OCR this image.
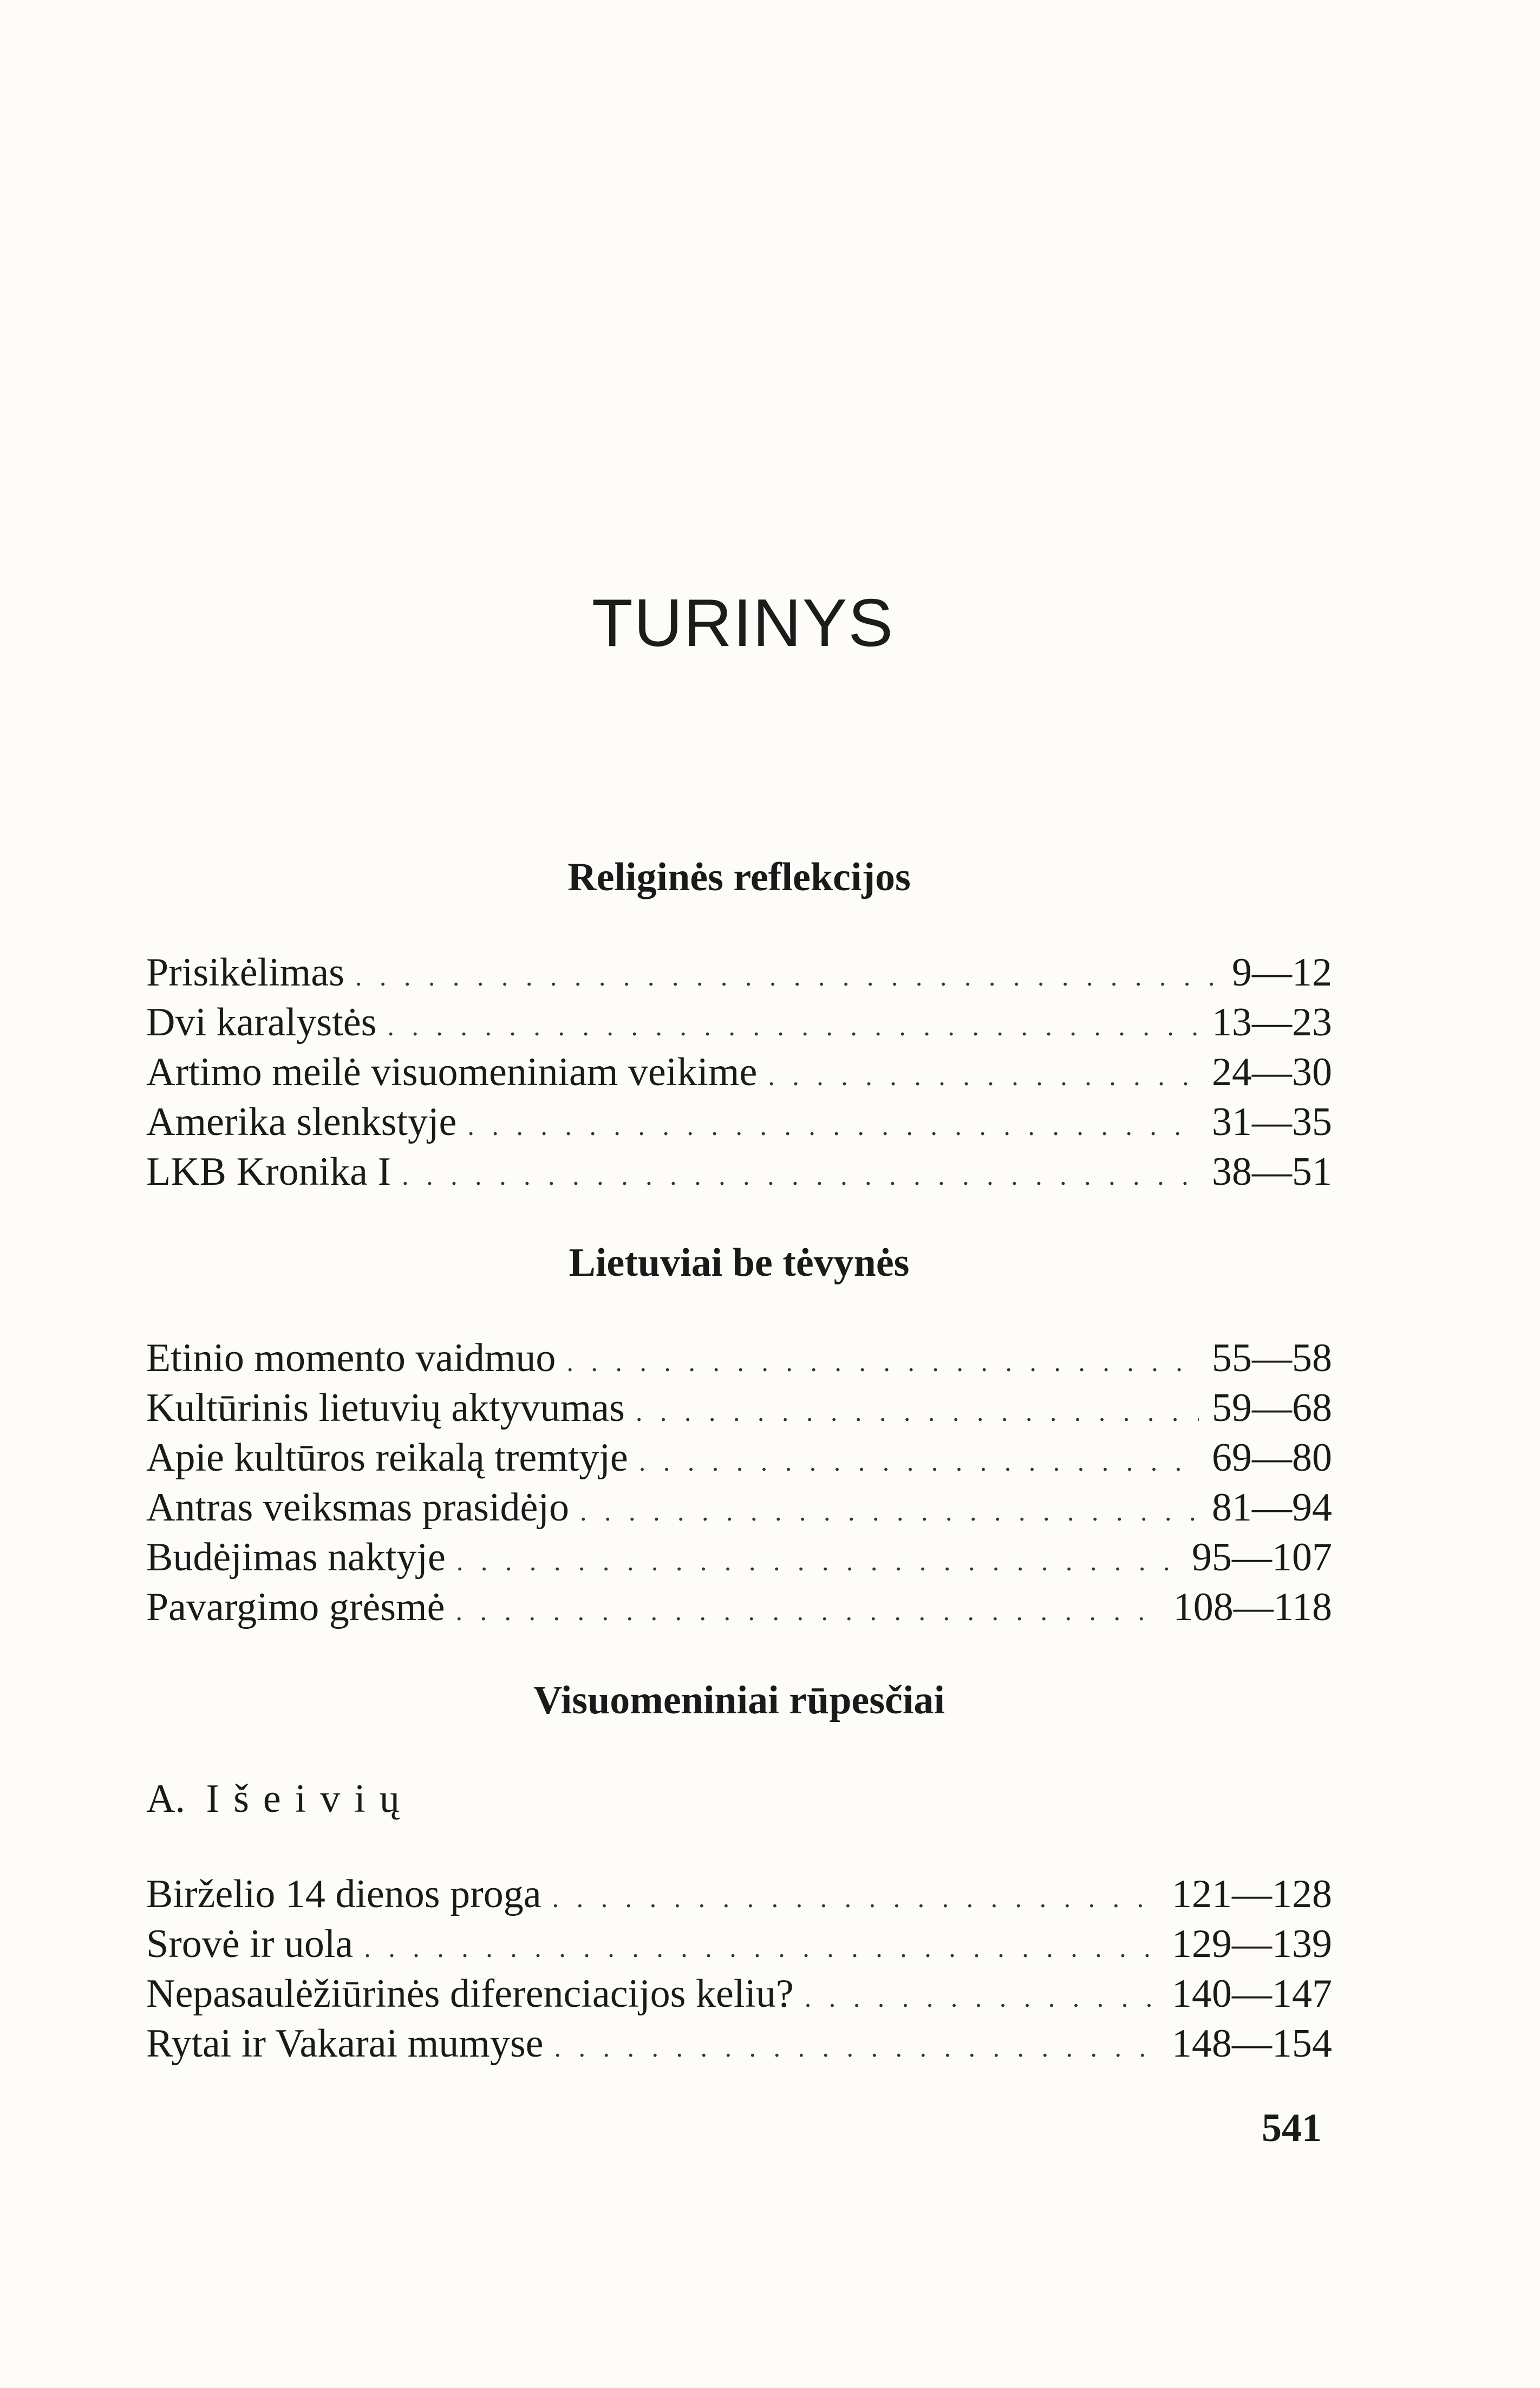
TURINYS
Religinės reflekcijos
Prisikėlimas . . .	9—12
Dvi karalystės . . .	13—23
Artimo meilė visuomeniniam veikime . . .	24—30
Amerika slenkstyje . . .	31—35
LKB Kronika I . . .	38—51
Lietuviai be tėvynės
Etinio momento vaidmuo . . .	55—58
Kultūrinis lietuvių aktyvumas . . .	59—68
Apie kultūros reikalą tremtyje . . .	69—80
Antras veiksmas prasidėjo . . .	81—94
Budėjimas naktyje . . .	95—107
Pavargimo grėsmė . . .	108—118
Visuomeniniai rūpesčiai
A. Išeivių
Birželio 14 dienos proga . . .	121—128
Srovė ir uola . . .	129—139
Nepasaulėžiūrinės diferenciacijos keliu? . . .	140—147
Rytai ir Vakarai mumyse . . .	148—154
541
